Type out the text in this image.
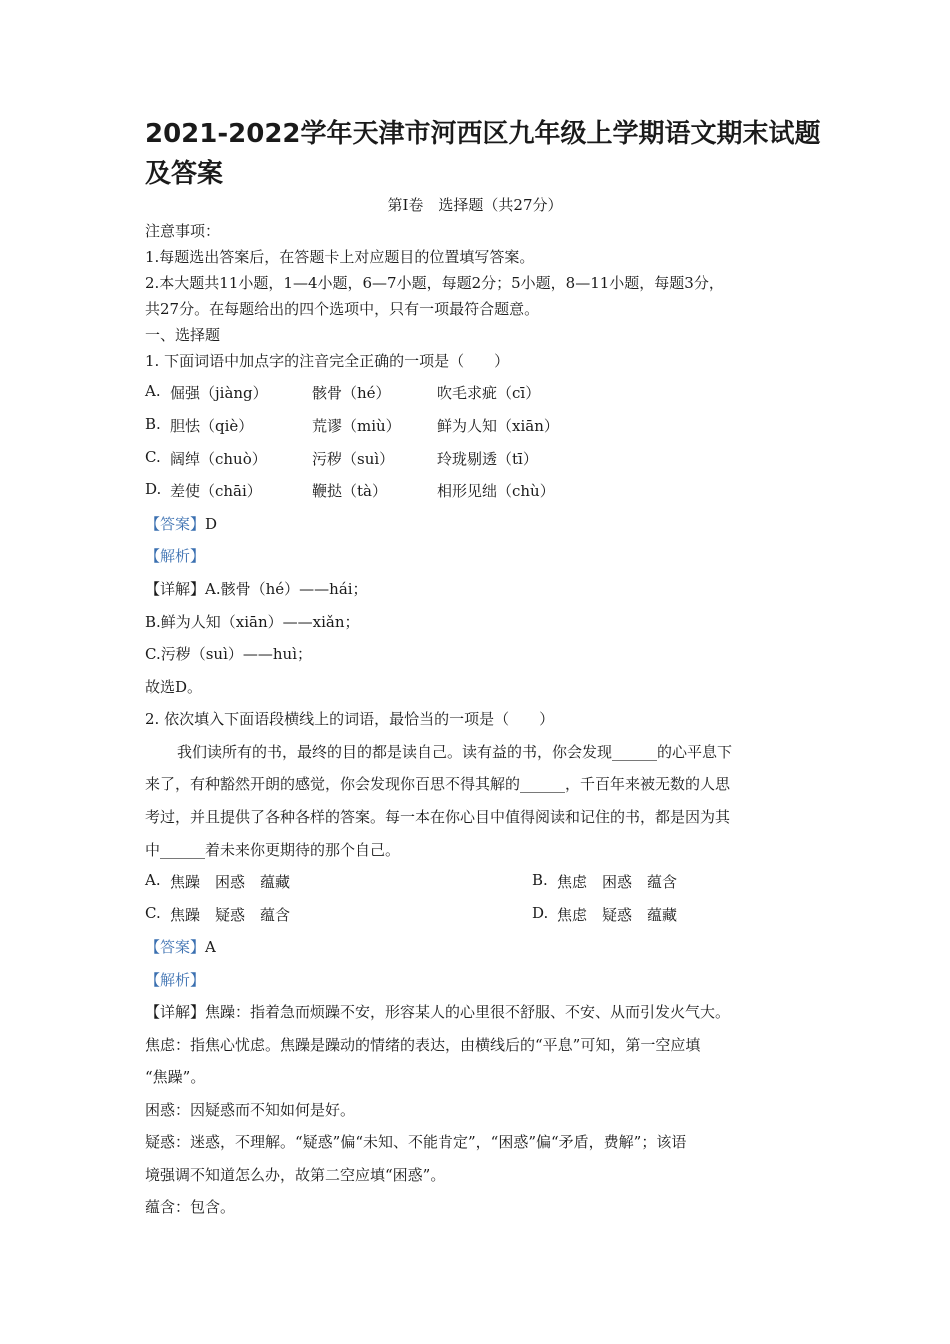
2021-2022学年天津市河西区九年级上学期语文期末试题及答案
第Ⅰ卷　选择题（共27分）
注意事项：
1.每题选出答案后，在答题卡上对应题目的位置填写答案。
2.本大题共11小题，1—4小题，6—7小题，每题2分；5小题，8—11小题，每题3分，
共27分。在每题给出的四个选项中，只有一项最符合题意。
一、选择题
1. 下面词语中加点字的注音完全正确的一项是（　　）
A. 倔强（jiàng）	骸骨（hé）	吹毛求疵（cī）
B. 胆怯（qiè）	荒谬（miù） 鲜为人知（xiān）
C. 阔绰（chuò）	污秽（suì）	玲珑剔透（tī）
D. 差使（chāi）	鞭挞（tà）	相形见绌（chù）
【答案】D
【解析】
【详解】A.骸骨（hé）——hái；
B.鲜为人知（xiān）——xiǎn；
C.污秽（suì）——huì；
故选D。
2. 依次填入下面语段横线上的词语，最恰当的一项是（　　）
我们读所有的书，最终的目的都是读自己。读有益的书，你会发现______的心平息下
来了，有种豁然开朗的感觉，你会发现你百思不得其解的______，千百年来被无数的人思
考过，并且提供了各种各样的答案。每一本在你心目中值得阅读和记住的书，都是因为其
中______着未来你更期待的那个自己。
A. 焦躁　困惑　蕴藏	B. 焦虑　困惑　蕴含
C. 焦躁　疑惑　蕴含	D. 焦虑　疑惑　蕴藏
【答案】A
【解析】
【详解】焦躁：指着急而烦躁不安，形容某人的心里很不舒服、不安、从而引发火气大。
焦虑：指焦心忧虑。焦躁是躁动的情绪的表达，由横线后的“平息”可知，第一空应填
“焦躁”。
困惑：因疑惑而不知如何是好。
疑惑：迷惑，不理解。“疑惑”偏“未知、不能肯定”，“困惑”偏“矛盾，费解”；该语
境强调不知道怎么办，故第二空应填“困惑”。
蕴含：包含。
